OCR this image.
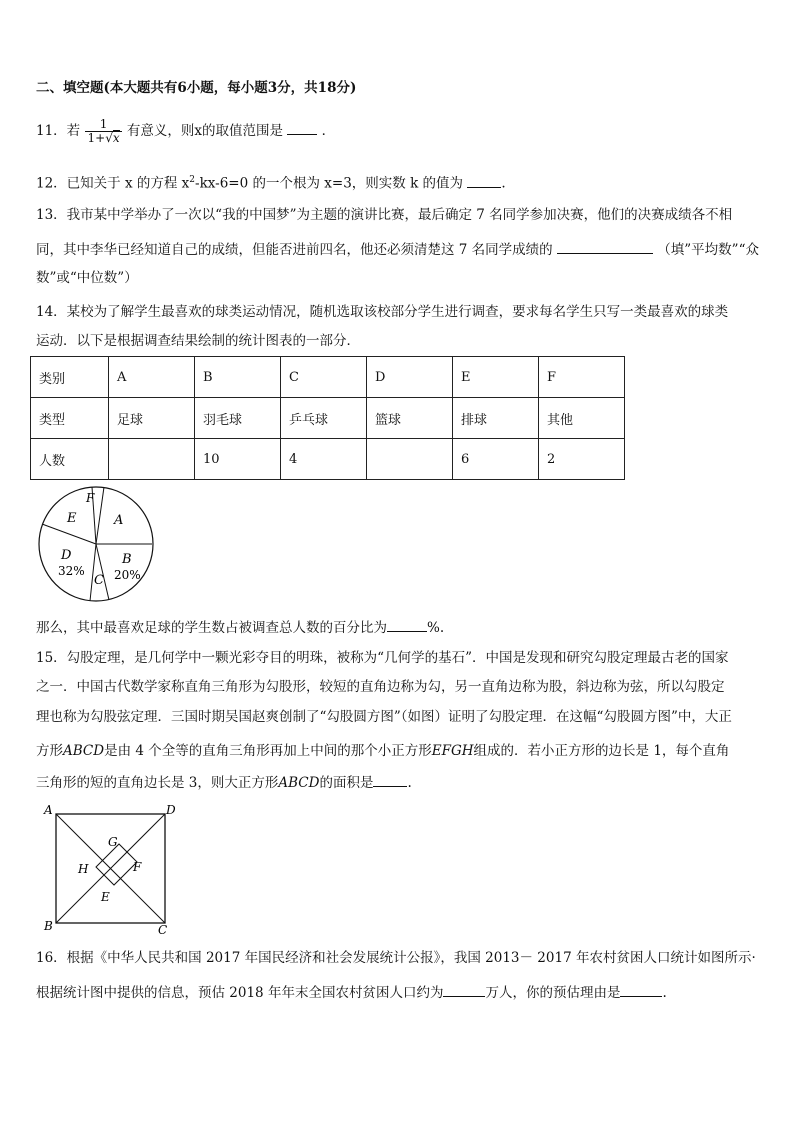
二、填空题(本大题共有6小题，每小题3分，共18分)
11．若 $\frac{1}{1+√x}$ 有意义，则x的取值范围是	．
12．已知关于 x 的方程 $x^2-kx-6=0$ 的一个根为 x=3，则实数 k 的值为	.
13．我市某中学举办了一次以“我的中国梦”为主题的演讲比赛，最后确定 7 名同学参加决赛，他们的决赛成绩各不相
同，其中李华已经知道自己的成绩，但能否进前四名，他还必须清楚这 7 名同学成绩的	（填”平均数”“众
数”或“中位数”）
14．某校为了解学生最喜欢的球类运动情况，随机选取该校部分学生进行调查，要求每名学生只写一类最喜欢的球类
运动．以下是根据调查结果绘制的统计图表的一部分．
类别	A	B	C	D	E	F
类型	足球	羽毛球	乒乓球	篮球	排球	其他
人数		10	4		6	2
F
A
E
B
20%
D
32%
C
那么，其中最喜欢足球的学生数占被调查总人数的百分比为	%.
15．勾股定理，是几何学中一颗光彩夺目的明珠，被称为“几何学的基石”．中国是发现和研究勾股定理最古老的国家
之一．中国古代数学家称直角三角形为勾股形，较短的直角边称为勾，另一直角边称为股，斜边称为弦，所以勾股定
理也称为勾股弦定理．三国时期吴国赵爽创制了“勾股圆方图”（如图）证明了勾股定理．在这幅“勾股圆方图”中，大正
方形ABCD是由 4 个全等的直角三角形再加上中间的那个小正方形EFGH组成的．若小正方形的边长是 1，每个直角
三角形的短的直角边长是 3，则大正方形ABCD的面积是	.
A	D
B	C
G
H	F
E
16．根据《中华人民共和国 2017 年国民经济和社会发展统计公报》，我国 2013－ 2017 年农村贫困人口统计如图所示·
根据统计图中提供的信息，预估 2018 年年末全国农村贫困人口约为	万人，你的预估理由是	.
